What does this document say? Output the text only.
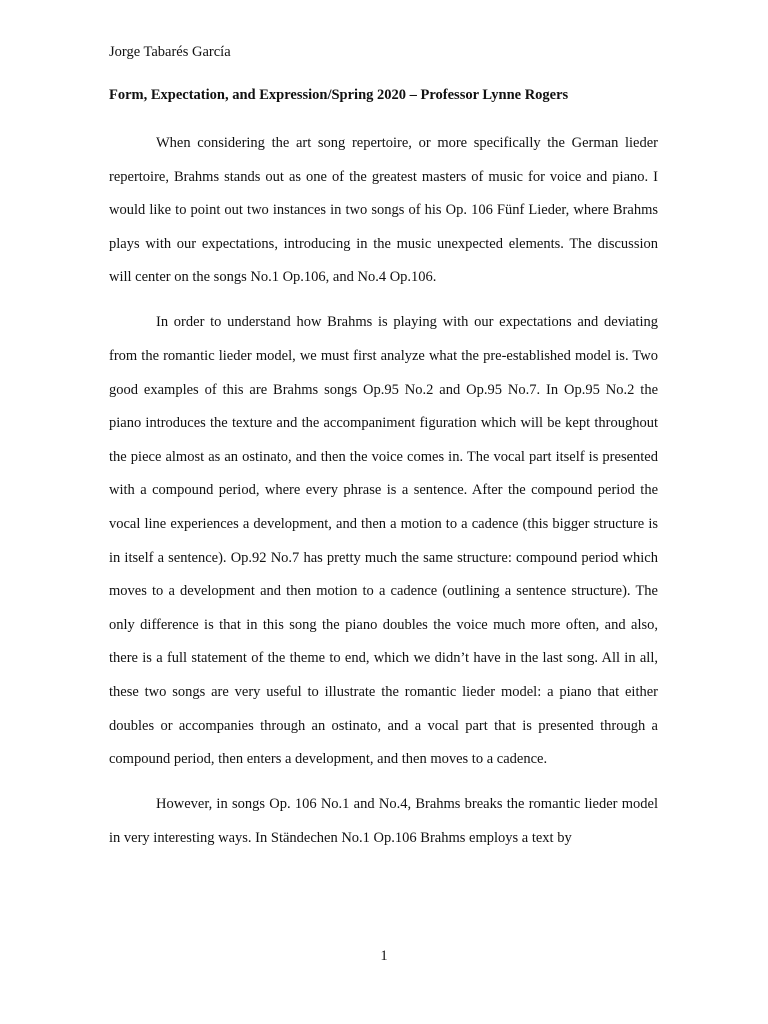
Jorge Tabarés García
Form, Expectation, and Expression/Spring 2020 – Professor Lynne Rogers

When considering the art song repertoire, or more specifically the German lieder repertoire, Brahms stands out as one of the greatest masters of music for voice and piano. I would like to point out two instances in two songs of his Op. 106 Fünf Lieder, where Brahms plays with our expectations, introducing in the music unexpected elements. The discussion will center on the songs No.1 Op.106, and No.4 Op.106.

In order to understand how Brahms is playing with our expectations and deviating from the romantic lieder model, we must first analyze what the pre-established model is. Two good examples of this are Brahms songs Op.95 No.2 and Op.95 No.7. In Op.95 No.2 the piano introduces the texture and the accompaniment figuration which will be kept throughout the piece almost as an ostinato, and then the voice comes in. The vocal part itself is presented with a compound period, where every phrase is a sentence. After the compound period the vocal line experiences a development, and then a motion to a cadence (this bigger structure is in itself a sentence). Op.92 No.7 has pretty much the same structure: compound period which moves to a development and then motion to a cadence (outlining a sentence structure). The only difference is that in this song the piano doubles the voice much more often, and also, there is a full statement of the theme to end, which we didn’t have in the last song. All in all, these two songs are very useful to illustrate the romantic lieder model: a piano that either doubles or accompanies through an ostinato, and a vocal part that is presented through a compound period, then enters a development, and then moves to a cadence.

However, in songs Op. 106 No.1 and No.4, Brahms breaks the romantic lieder model in very interesting ways. In Ständechen No.1 Op.106 Brahms employs a text by

1
